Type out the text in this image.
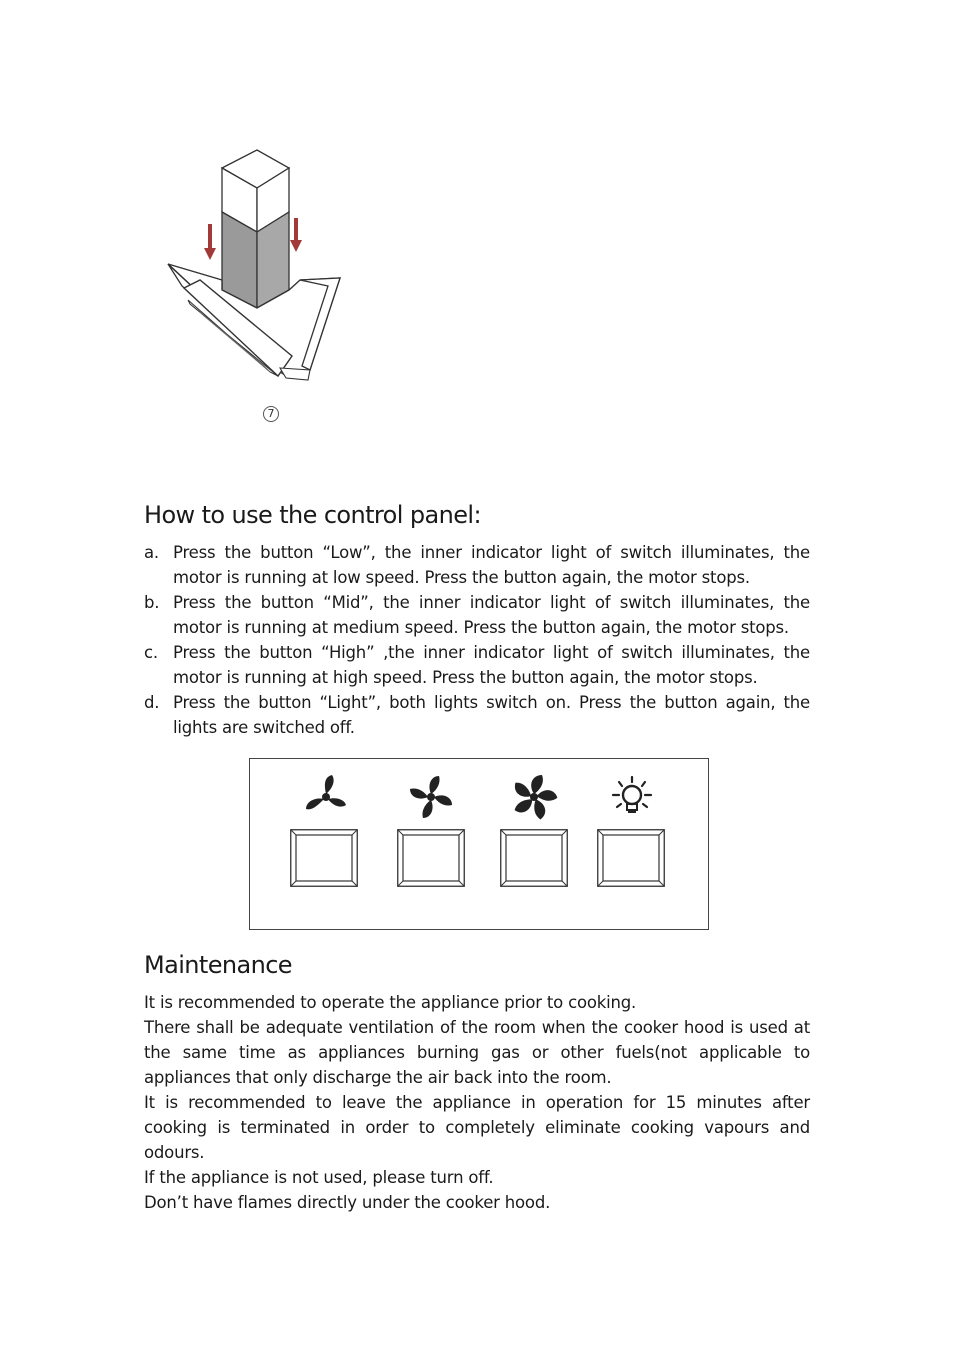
7
How to use the control panel:
a. Press the button “Low”, the inner indicator light of switch illuminates, the motor is running at low speed. Press the button again, the motor stops.
b. Press the button “Mid”, the inner indicator light of switch illuminates, the motor is running at medium speed. Press the button again, the motor stops.
c. Press the button “High” ,the inner indicator light of switch illuminates, the motor is running at high speed. Press the button again, the motor stops.
d. Press the button “Light”, both lights switch on. Press the button again, the lights are switched off.
Maintenance

It is recommended to operate the appliance prior to cooking.

There shall be adequate ventilation of the room when the cooker hood is used at the same time as appliances burning gas or other fuels(not applicable to appliances that only discharge the air back into the room.

It is recommended to leave the appliance in operation for 15 minutes after cooking is terminated in order to completely eliminate cooking vapours and odours.

If the appliance is not used, please turn off.

Don’t have flames directly under the cooker hood.
